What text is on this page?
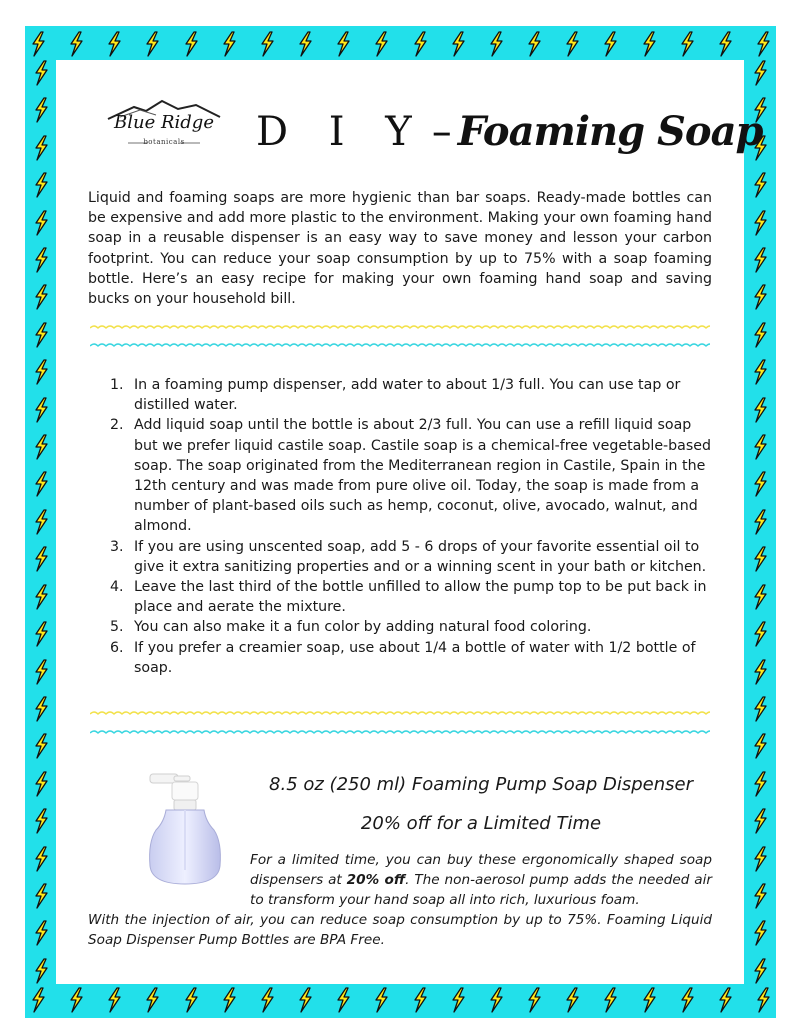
Blue Ridge
botanicals	D I Y – Foaming Soap

Liquid and foaming soaps are more hygienic than bar soaps. Ready-made bottles can be expensive and add more plastic to the environment. Making your own foaming hand soap in a reusable dispenser is an easy way to save money and lesson your carbon footprint. You can reduce your soap consumption by up to 75% with a soap foaming bottle. Here’s an easy recipe for making your own foaming hand soap and saving bucks on your household bill.

1. In a foaming pump dispenser, add water to about 1/3 full. You can use tap or distilled water.
2. Add liquid soap until the bottle is about 2/3 full. You can use a refill liquid soap but we prefer liquid castile soap. Castile soap is a chemical-free vegetable-based soap. The soap originated from the Mediterranean region in Castile, Spain in the 12th century and was made from pure olive oil. Today, the soap is made from a number of plant-based oils such as hemp, coconut, olive, avocado, walnut, and almond.
3. If you are using unscented soap, add 5 - 6 drops of your favorite essential oil to give it extra sanitizing properties and or a winning scent in your bath or kitchen.
4. Leave the last third of the bottle unfilled to allow the pump top to be put back in place and aerate the mixture.
5. You can also make it a fun color by adding natural food coloring.
6. If you prefer a creamier soap, use about 1/4 a bottle of water with 1/2 bottle of soap.

8.5 oz (250 ml) Foaming Pump Soap Dispenser

20% off for a Limited Time

For a limited time, you can buy these ergonomically shaped soap dispensers at 20% off. The non-aerosol pump adds the needed air to transform your hand soap all into rich, luxurious foam.

With the injection of air, you can reduce soap consumption by up to 75%. Foaming Liquid Soap Dispenser Pump Bottles are BPA Free.
